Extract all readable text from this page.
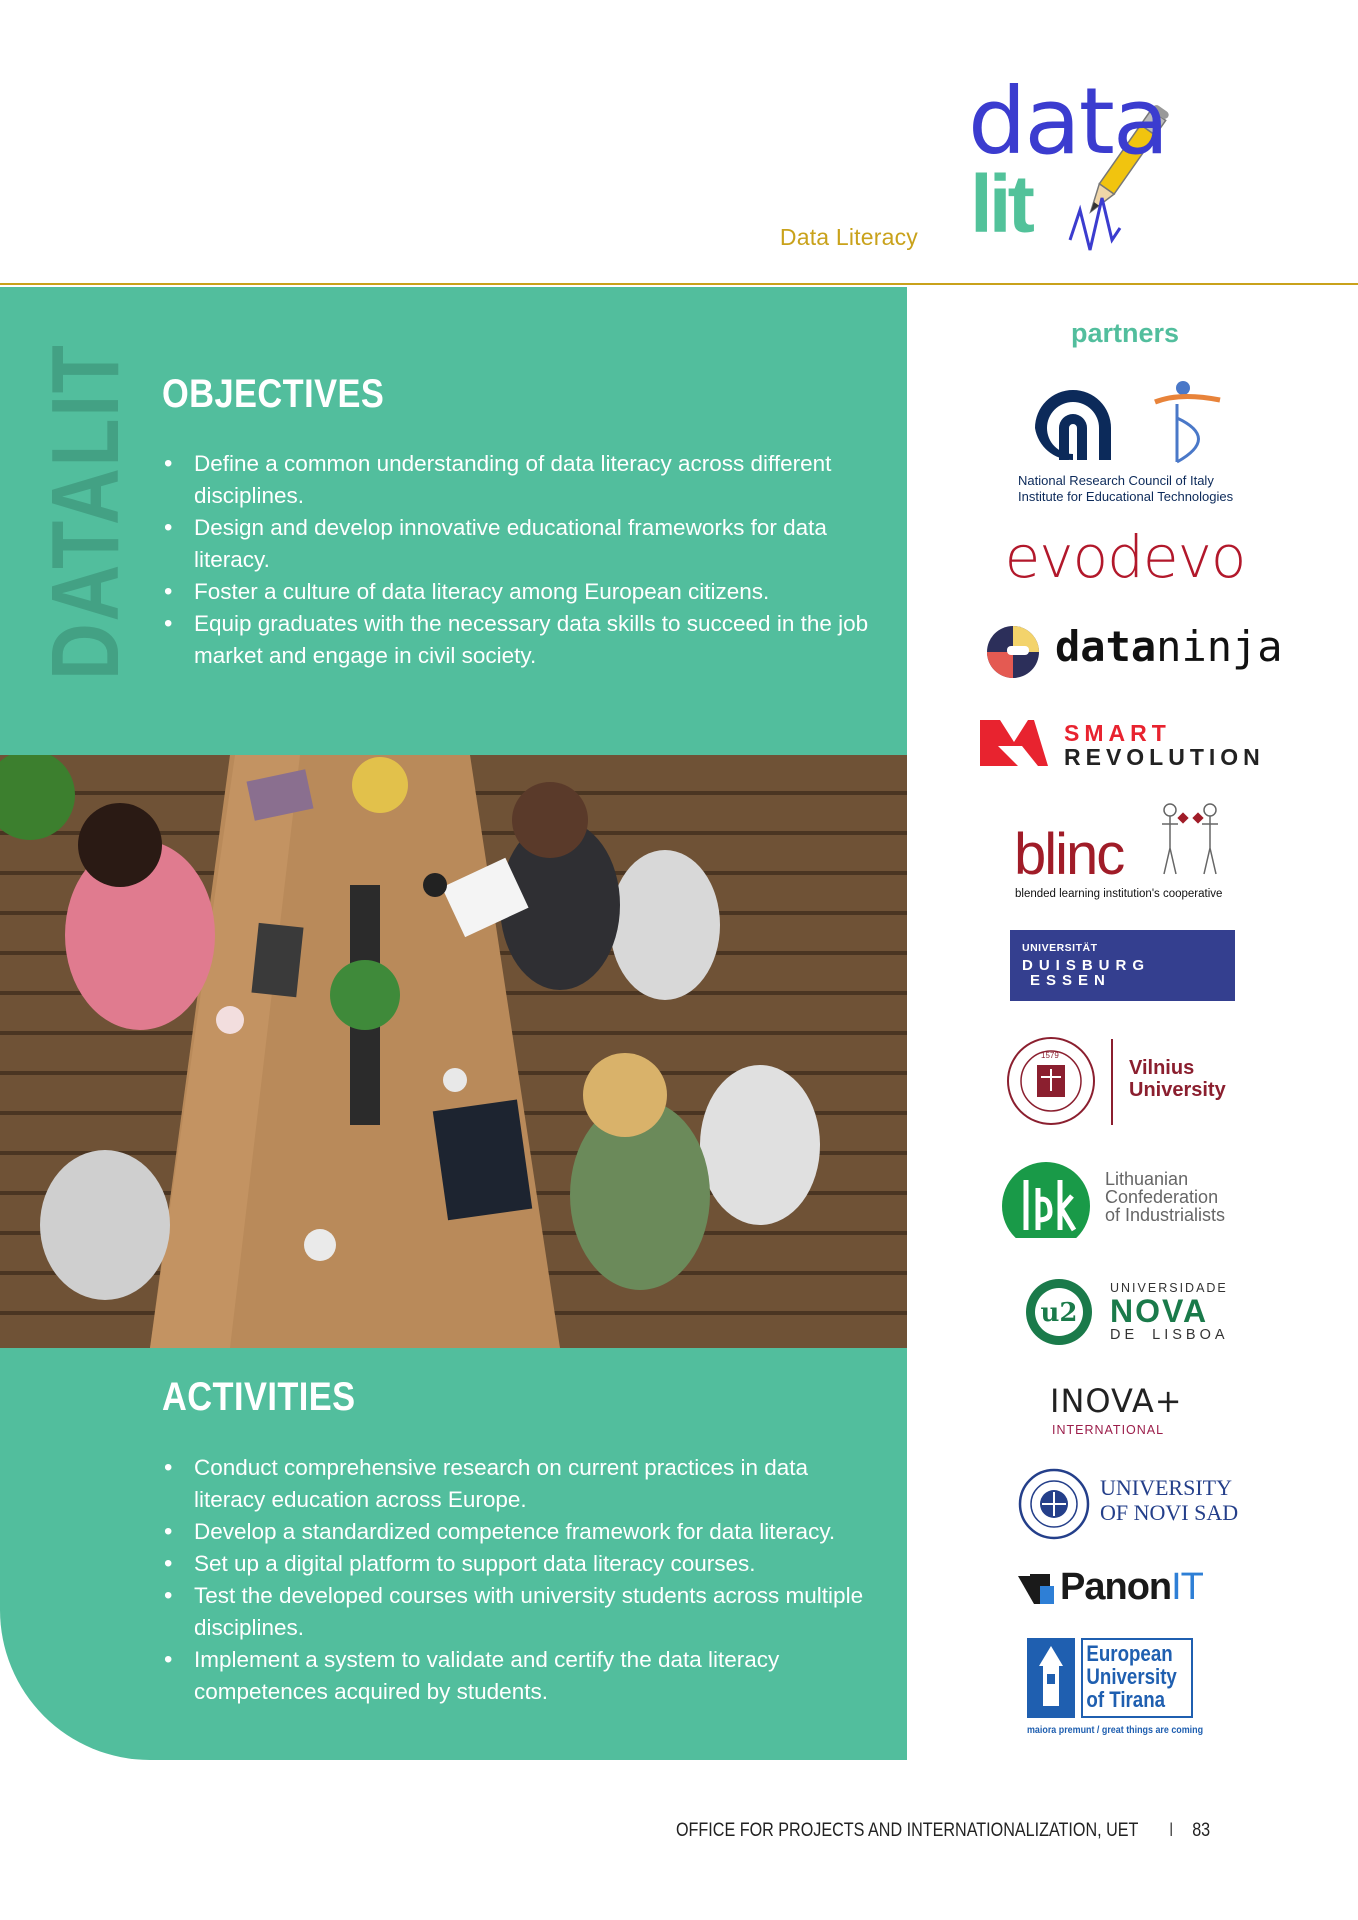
Data Literacy
data
lit
DATALIT OBJECTIVES
• Define a common understanding of data literacy across different disciplines.
• Design and develop innovative educational frameworks for data literacy.
• Foster a culture of data literacy among European citizens.
• Equip graduates with the necessary data skills to succeed in the job market and engage in civil society.
ACTIVITIES
• Conduct comprehensive research on current practices in data literacy education across Europe.
• Develop a standardized competence framework for data literacy.
• Set up a digital platform to support data literacy courses.
• Test the developed courses with university students across multiple disciplines.
• Implement a system to validate and certify the data literacy competences acquired by students.
partners
National Research Council of Italy
Institute for Educational Technologies
evodevo
dataninja
SMART
REVOLUTION
blinc
blended learning institution's cooperative
UNIVERSITÄT
DUISBURG
ESSEN
1579
Vilnius
University
Lithuanian
Confederation
of Industrialists
u2
UNIVERSIDADE
NOVA
DE LISBOA
INOVA+
INTERNATIONAL
UNIVERSITY
OF NOVI SAD
PanonIT
European
University
of Tirana
maiora premunt / great things are coming
OFFICE FOR PROJECTS AND INTERNATIONALIZATION, UET I 83
